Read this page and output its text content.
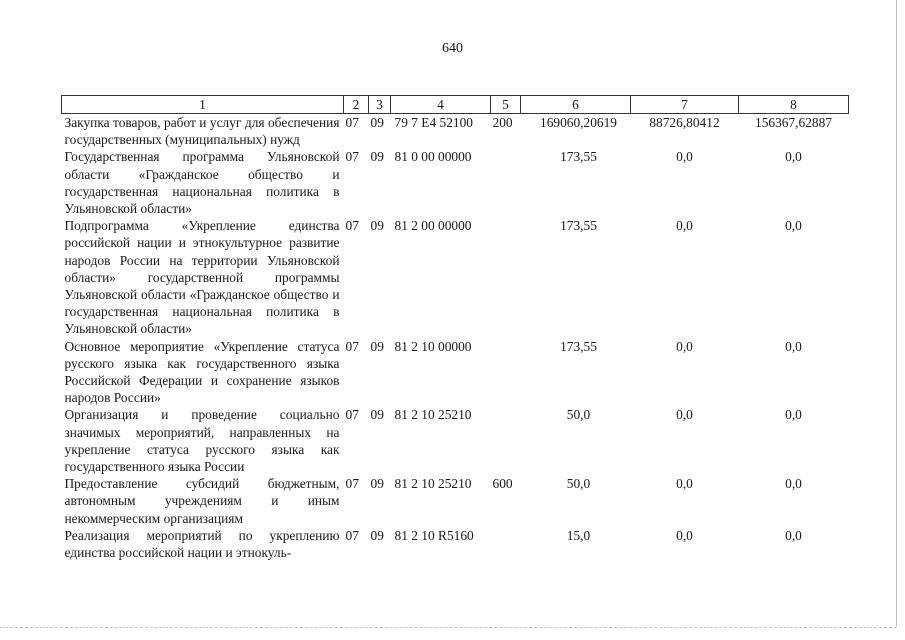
640
1	2	3	4	5	6	7	8
Закупка товаров, работ и услуг для обеспечения государственных (муниципальных) нужд	07	09	79 7 E4 52100	200	169060,20619	88726,80412	156367,62887
Государственная программа Ульяновской области «Гражданское общество и государственная национальная политика в Ульяновской области»	07	09	81 0 00 00000		173,55	0,0	0,0
Подпрограмма «Укрепление единства российской нации и этнокультурное развитие народов России на территории Ульяновской области» государственной программы Ульяновской области «Гражданское общество и государственная национальная политика в Ульяновской области»	07	09	81 2 00 00000		173,55	0,0	0,0
Основное мероприятие «Укрепление статуса русского языка как государственного языка Российской Федерации и сохранение языков народов России»	07	09	81 2 10 00000		173,55	0,0	0,0
Организация и проведение социально значимых мероприятий, направленных на укрепление статуса русского языка как государственного языка России	07	09	81 2 10 25210		50,0	0,0	0,0
Предоставление субсидий бюджетным, автономным учреждениям и иным некоммерческим организациям	07	09	81 2 10 25210	600	50,0	0,0	0,0
Реализация мероприятий по укреплению единства российской нации и этнокуль-	07	09	81 2 10 R5160		15,0	0,0	0,0
